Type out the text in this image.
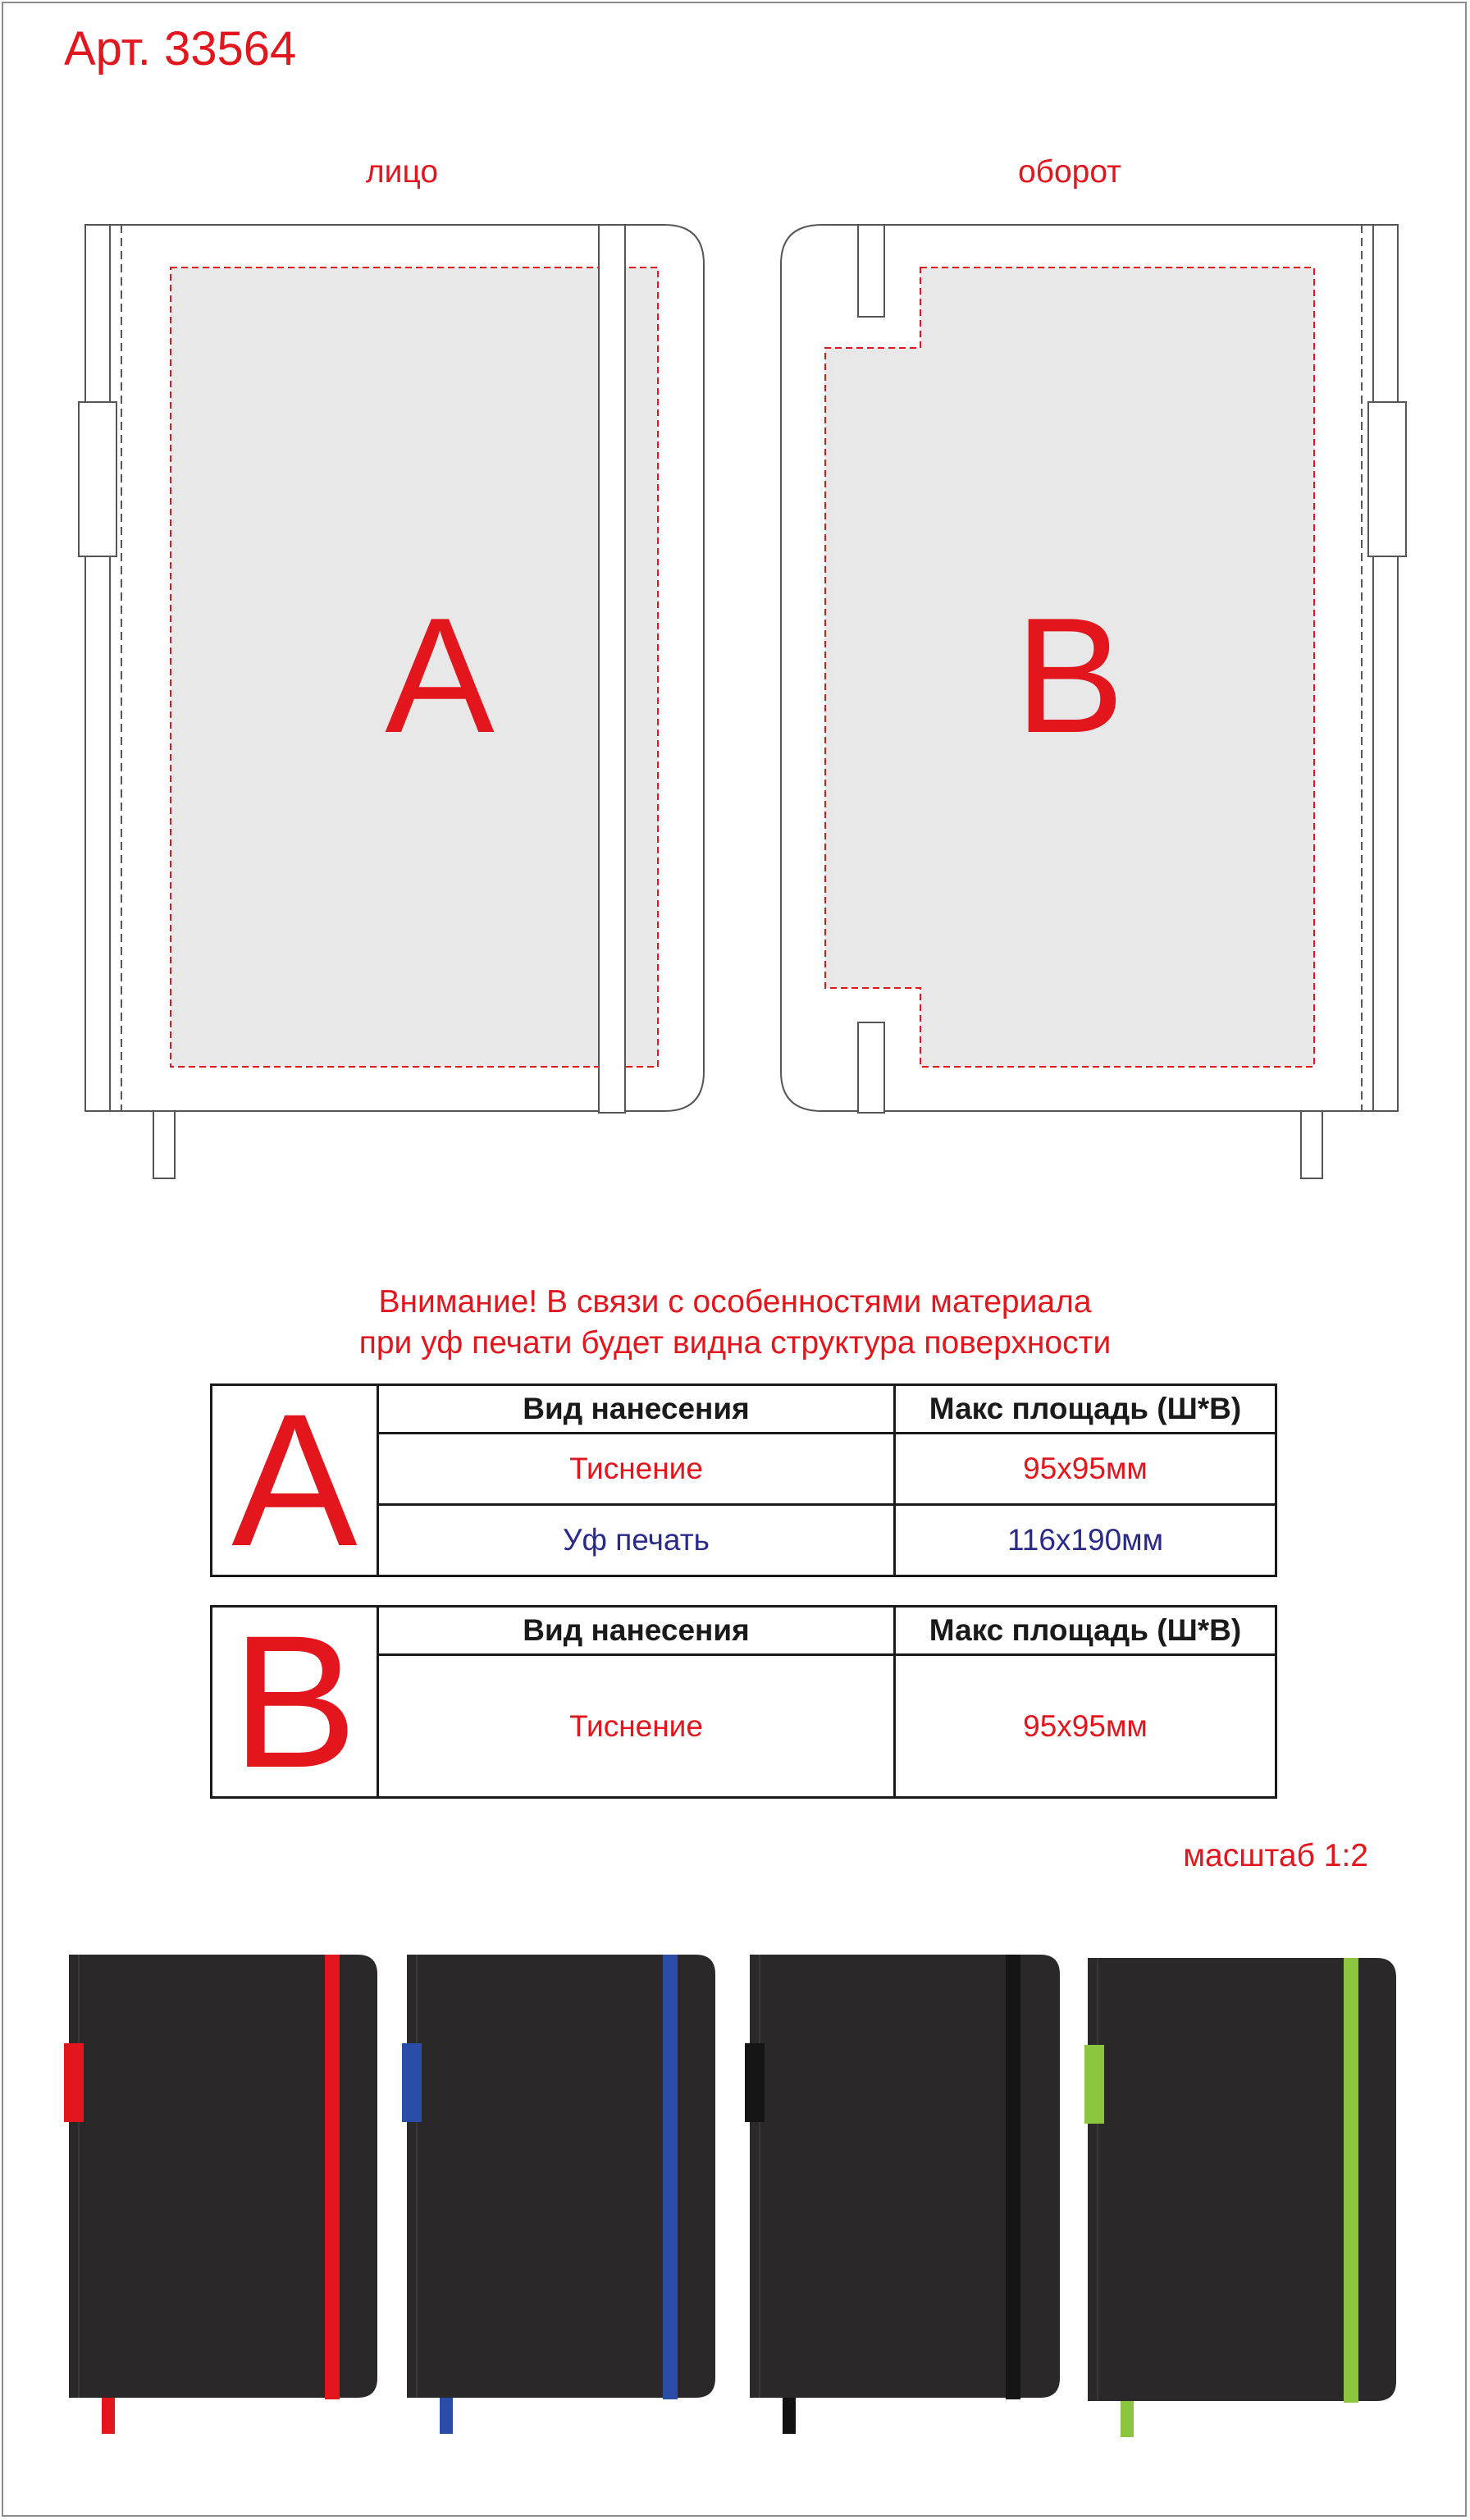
Арт. 33564
лицо	оборот
A	B
Внимание! В связи с особенностями материала
при уф печати будет видна структура поверхности
A	Вид нанесения	Макс площадь (Ш*В)
	Тиснение	95x95мм
	Уф печать	116x190мм
B	Вид нанесения	Макс площадь (Ш*В)
	Тиснение	95x95мм
масштаб 1:2
